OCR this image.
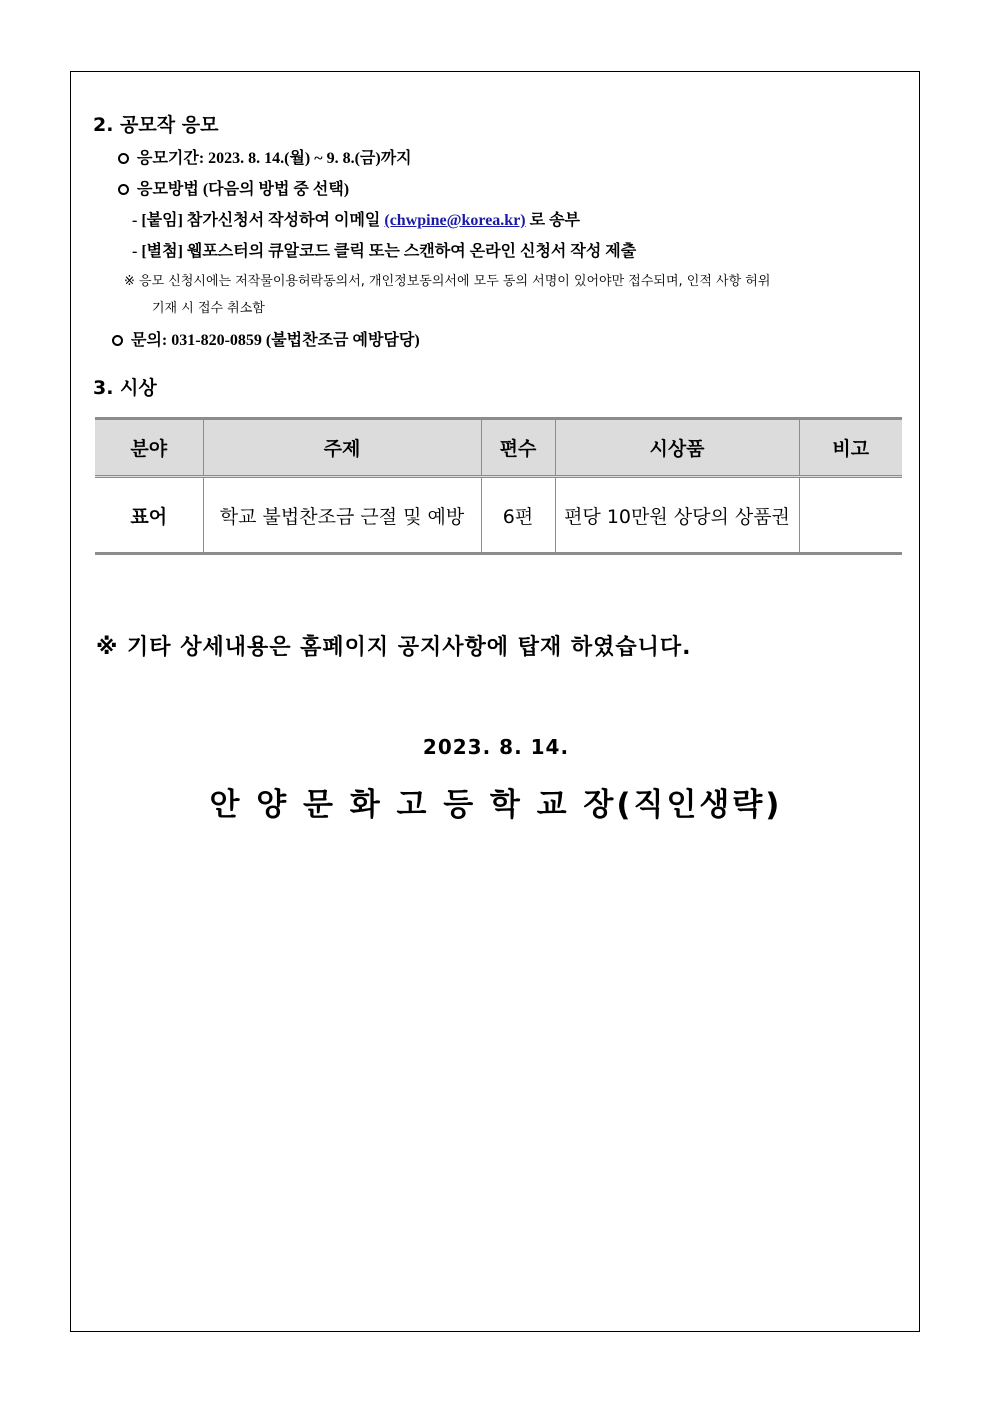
2. 공모작 응모
응모기간: 2023. 8. 14.(월) ~ 9. 8.(금)까지
응모방법 (다음의 방법 중 선택)
- [붙임] 참가신청서 작성하여 이메일 (chwpine@korea.kr) 로 송부
- [별첨] 웹포스터의 큐알코드 클릭 또는 스캔하여 온라인 신청서 작성 제출
※ 응모 신청시에는 저작물이용허락동의서, 개인정보동의서에 모두 동의 서명이 있어야만 접수되며, 인적 사항 허위
기재 시 접수 취소함
문의: 031-820-0859 (불법찬조금 예방담당)
3. 시상
분야	주제	편수	시상품	비고
표어	학교 불법찬조금 근절 및 예방	6편	편당 10만원 상당의 상품권	
※ 기타 상세내용은 홈페이지 공지사항에 탑재 하였습니다.
2023. 8. 14.
안 양 문 화 고 등 학 교 장(직인생략)
